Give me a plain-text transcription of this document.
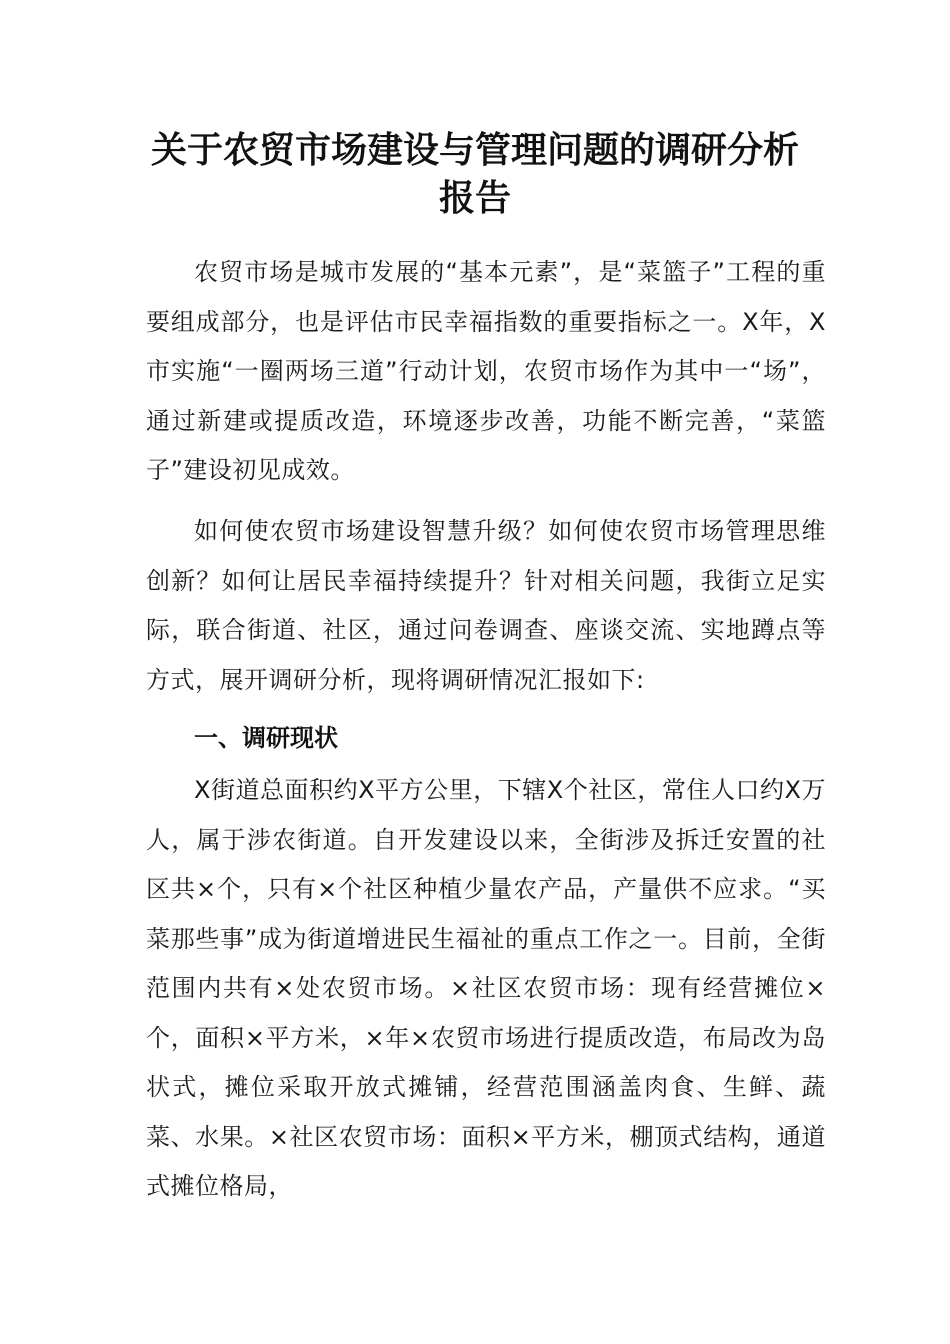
关于农贸市场建设与管理问题的调研分析
报告

农贸市场是城市发展的“基本元素”，是“菜篮子”工程的重要组成部分，也是评估市民幸福指数的重要指标之一。X年，X市实施“一圈两场三道”行动计划，农贸市场作为其中一“场”，通过新建或提质改造，环境逐步改善，功能不断完善，“菜篮子”建设初见成效。

如何使农贸市场建设智慧升级？如何使农贸市场管理思维创新？如何让居民幸福持续提升？针对相关问题，我街立足实际，联合街道、社区，通过问卷调查、座谈交流、实地蹲点等方式，展开调研分析，现将调研情况汇报如下:

一、调研现状

X街道总面积约X平方公里，下辖X个社区，常住人口约X万人，属于涉农街道。自开发建设以来，全街涉及拆迁安置的社区共×个，只有×个社区种植少量农产品，产量供不应求。“买菜那些事”成为街道增进民生福祉的重点工作之一。目前，全街范围内共有×处农贸市场。×社区农贸市场：现有经营摊位×个，面积×平方米，×年×农贸市场进行提质改造，布局改为岛状式，摊位采取开放式摊铺，经营范围涵盖肉食、生鲜、蔬菜、水果。×社区农贸市场：面积×平方米，棚顶式结构，通道式摊位格局，
